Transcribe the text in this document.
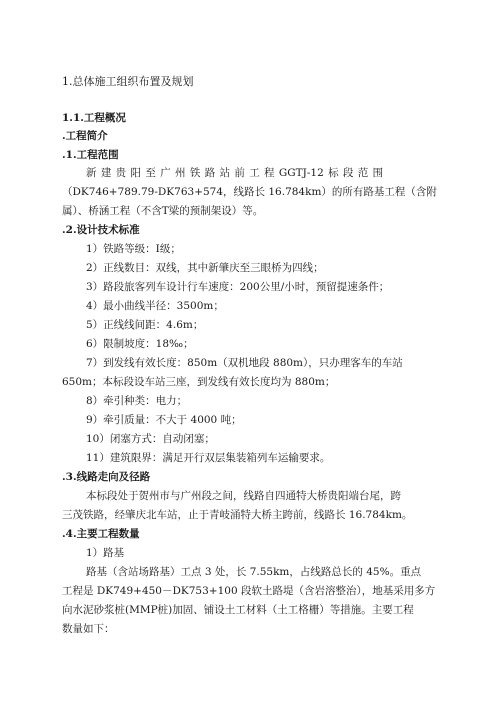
1.总体施工组织布置及规划
1.1.工程概况
.工程简介
.1.工程范围
新 建 贵 阳 至 广 州 铁 路 站 前 工 程 GGTJ-12 标 段 范 围
（DK746+789.79-DK763+574，线路长 16.784km）的所有路基工程（含附
属）、桥涵工程（不含T梁的预制架设）等。
.2.设计技术标准
1）铁路等级：Ⅰ级；
2）正线数目：双线，其中新肇庆至三眼桥为四线；
3）路段旅客列车设计行车速度：200公里/小时，预留提速条件；
4）最小曲线半径：3500m；
5）正线线间距：4.6m；
6）限制坡度：18‰；
7）到发线有效长度：850m（双机地段 880m），只办理客车的车站
650m；本标段设车站三座，到发线有效长度均为 880m；
8）牵引种类：电力；
9）牵引质量：不大于 4000 吨；
10）闭塞方式：自动闭塞；
11）建筑限界：满足开行双层集装箱列车运输要求。
.3.线路走向及径路
本标段处于贺州市与广州段之间，线路自四通特大桥贵阳端台尾，跨
三茂铁路，经肇庆北车站，止于青岐涌特大桥主跨前，线路长 16.784km。
.4.主要工程数量
1）路基
路基（含站场路基）工点 3 处，长 7.55km，占线路总长的 45%。重点
工程是 DK749+450－DK753+100 段软土路堤（含岩溶整治），地基采用多方
向水泥砂浆桩(MMP桩)加固、铺设土工材料（土工格栅）等措施。主要工程
数量如下：
